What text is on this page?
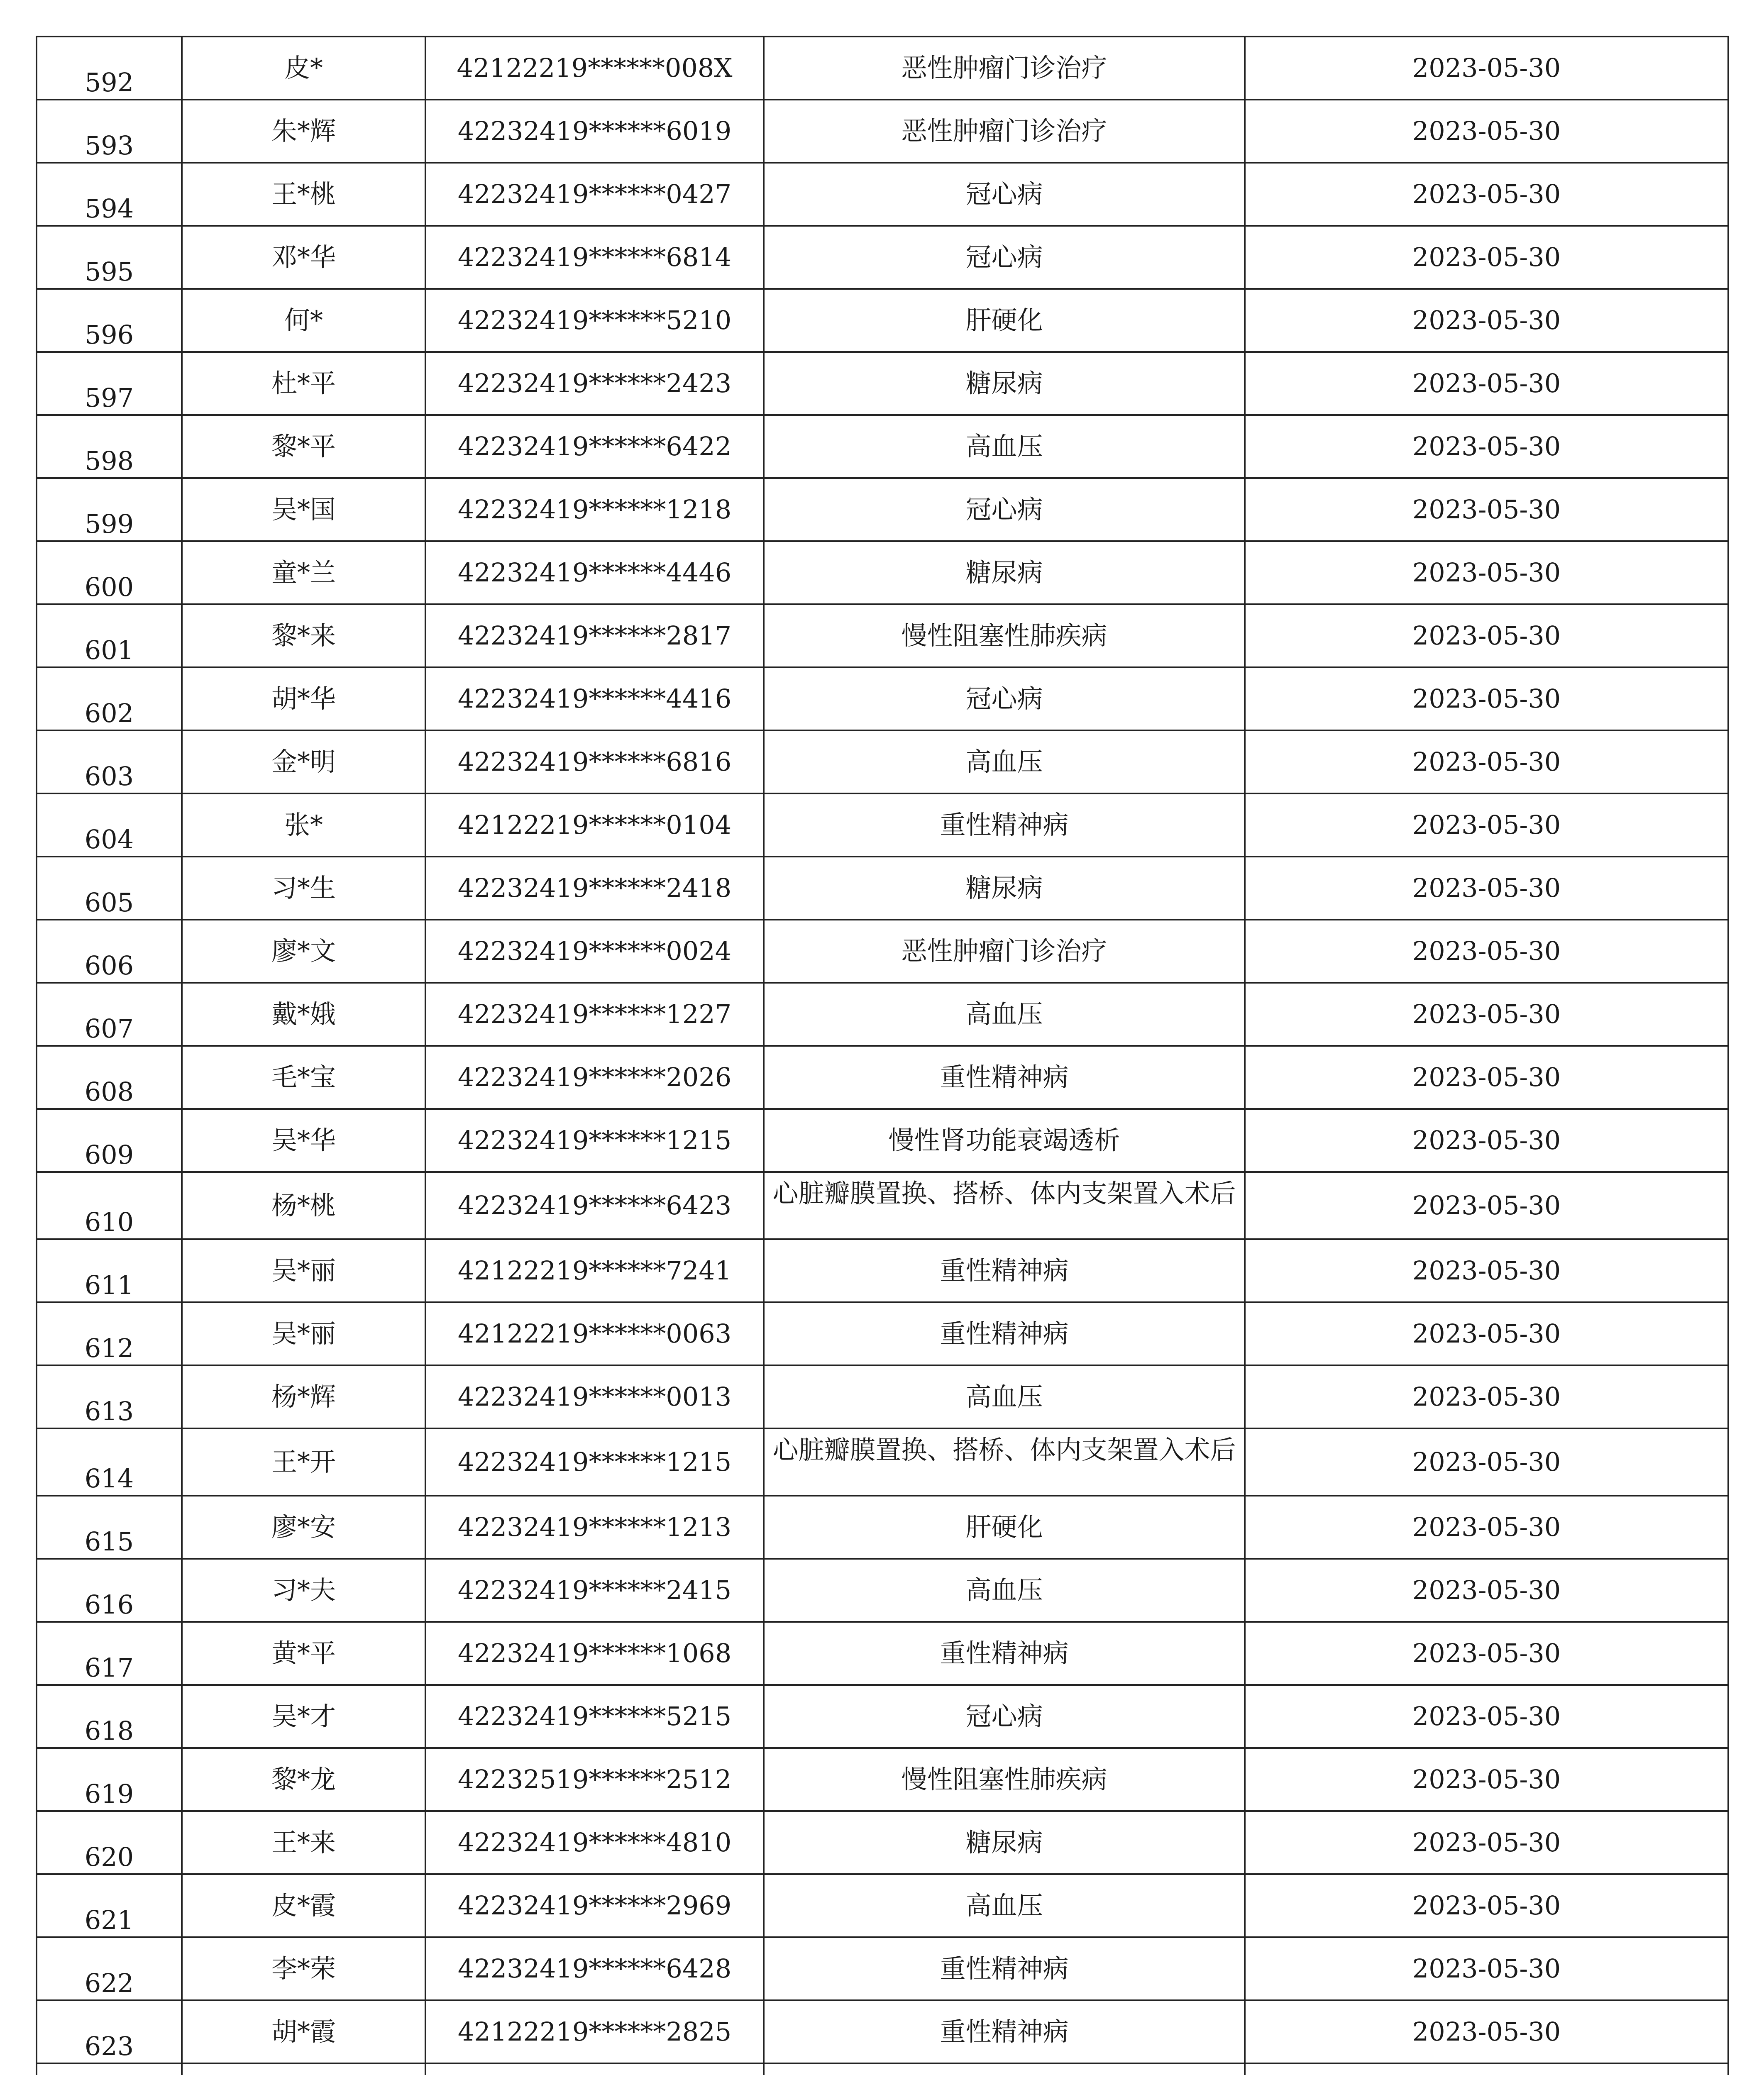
592	皮*	42122219******008X	恶性肿瘤门诊治疗	2023-05-30
593	朱*辉	42232419******6019	恶性肿瘤门诊治疗	2023-05-30
594	王*桃	42232419******0427	冠心病	2023-05-30
595	邓*华	42232419******6814	冠心病	2023-05-30
596	何*	42232419******5210	肝硬化	2023-05-30
597	杜*平	42232419******2423	糖尿病	2023-05-30
598	黎*平	42232419******6422	高血压	2023-05-30
599	吴*国	42232419******1218	冠心病	2023-05-30
600	童*兰	42232419******4446	糖尿病	2023-05-30
601	黎*来	42232419******2817	慢性阻塞性肺疾病	2023-05-30
602	胡*华	42232419******4416	冠心病	2023-05-30
603	金*明	42232419******6816	高血压	2023-05-30
604	张*	42122219******0104	重性精神病	2023-05-30
605	习*生	42232419******2418	糖尿病	2023-05-30
606	廖*文	42232419******0024	恶性肿瘤门诊治疗	2023-05-30
607	戴*娥	42232419******1227	高血压	2023-05-30
608	毛*宝	42232419******2026	重性精神病	2023-05-30
609	吴*华	42232419******1215	慢性肾功能衰竭透析	2023-05-30
610	杨*桃	42232419******6423	心脏瓣膜置换、搭桥、体内支架置入术后	2023-05-30
611	吴*丽	42122219******7241	重性精神病	2023-05-30
612	吴*丽	42122219******0063	重性精神病	2023-05-30
613	杨*辉	42232419******0013	高血压	2023-05-30
614	王*开	42232419******1215	心脏瓣膜置换、搭桥、体内支架置入术后	2023-05-30
615	廖*安	42232419******1213	肝硬化	2023-05-30
616	习*夫	42232419******2415	高血压	2023-05-30
617	黄*平	42232419******1068	重性精神病	2023-05-30
618	吴*才	42232419******5215	冠心病	2023-05-30
619	黎*龙	42232519******2512	慢性阻塞性肺疾病	2023-05-30
620	王*来	42232419******4810	糖尿病	2023-05-30
621	皮*霞	42232419******2969	高血压	2023-05-30
622	李*荣	42232419******6428	重性精神病	2023-05-30
623	胡*霞	42122219******2825	重性精神病	2023-05-30
